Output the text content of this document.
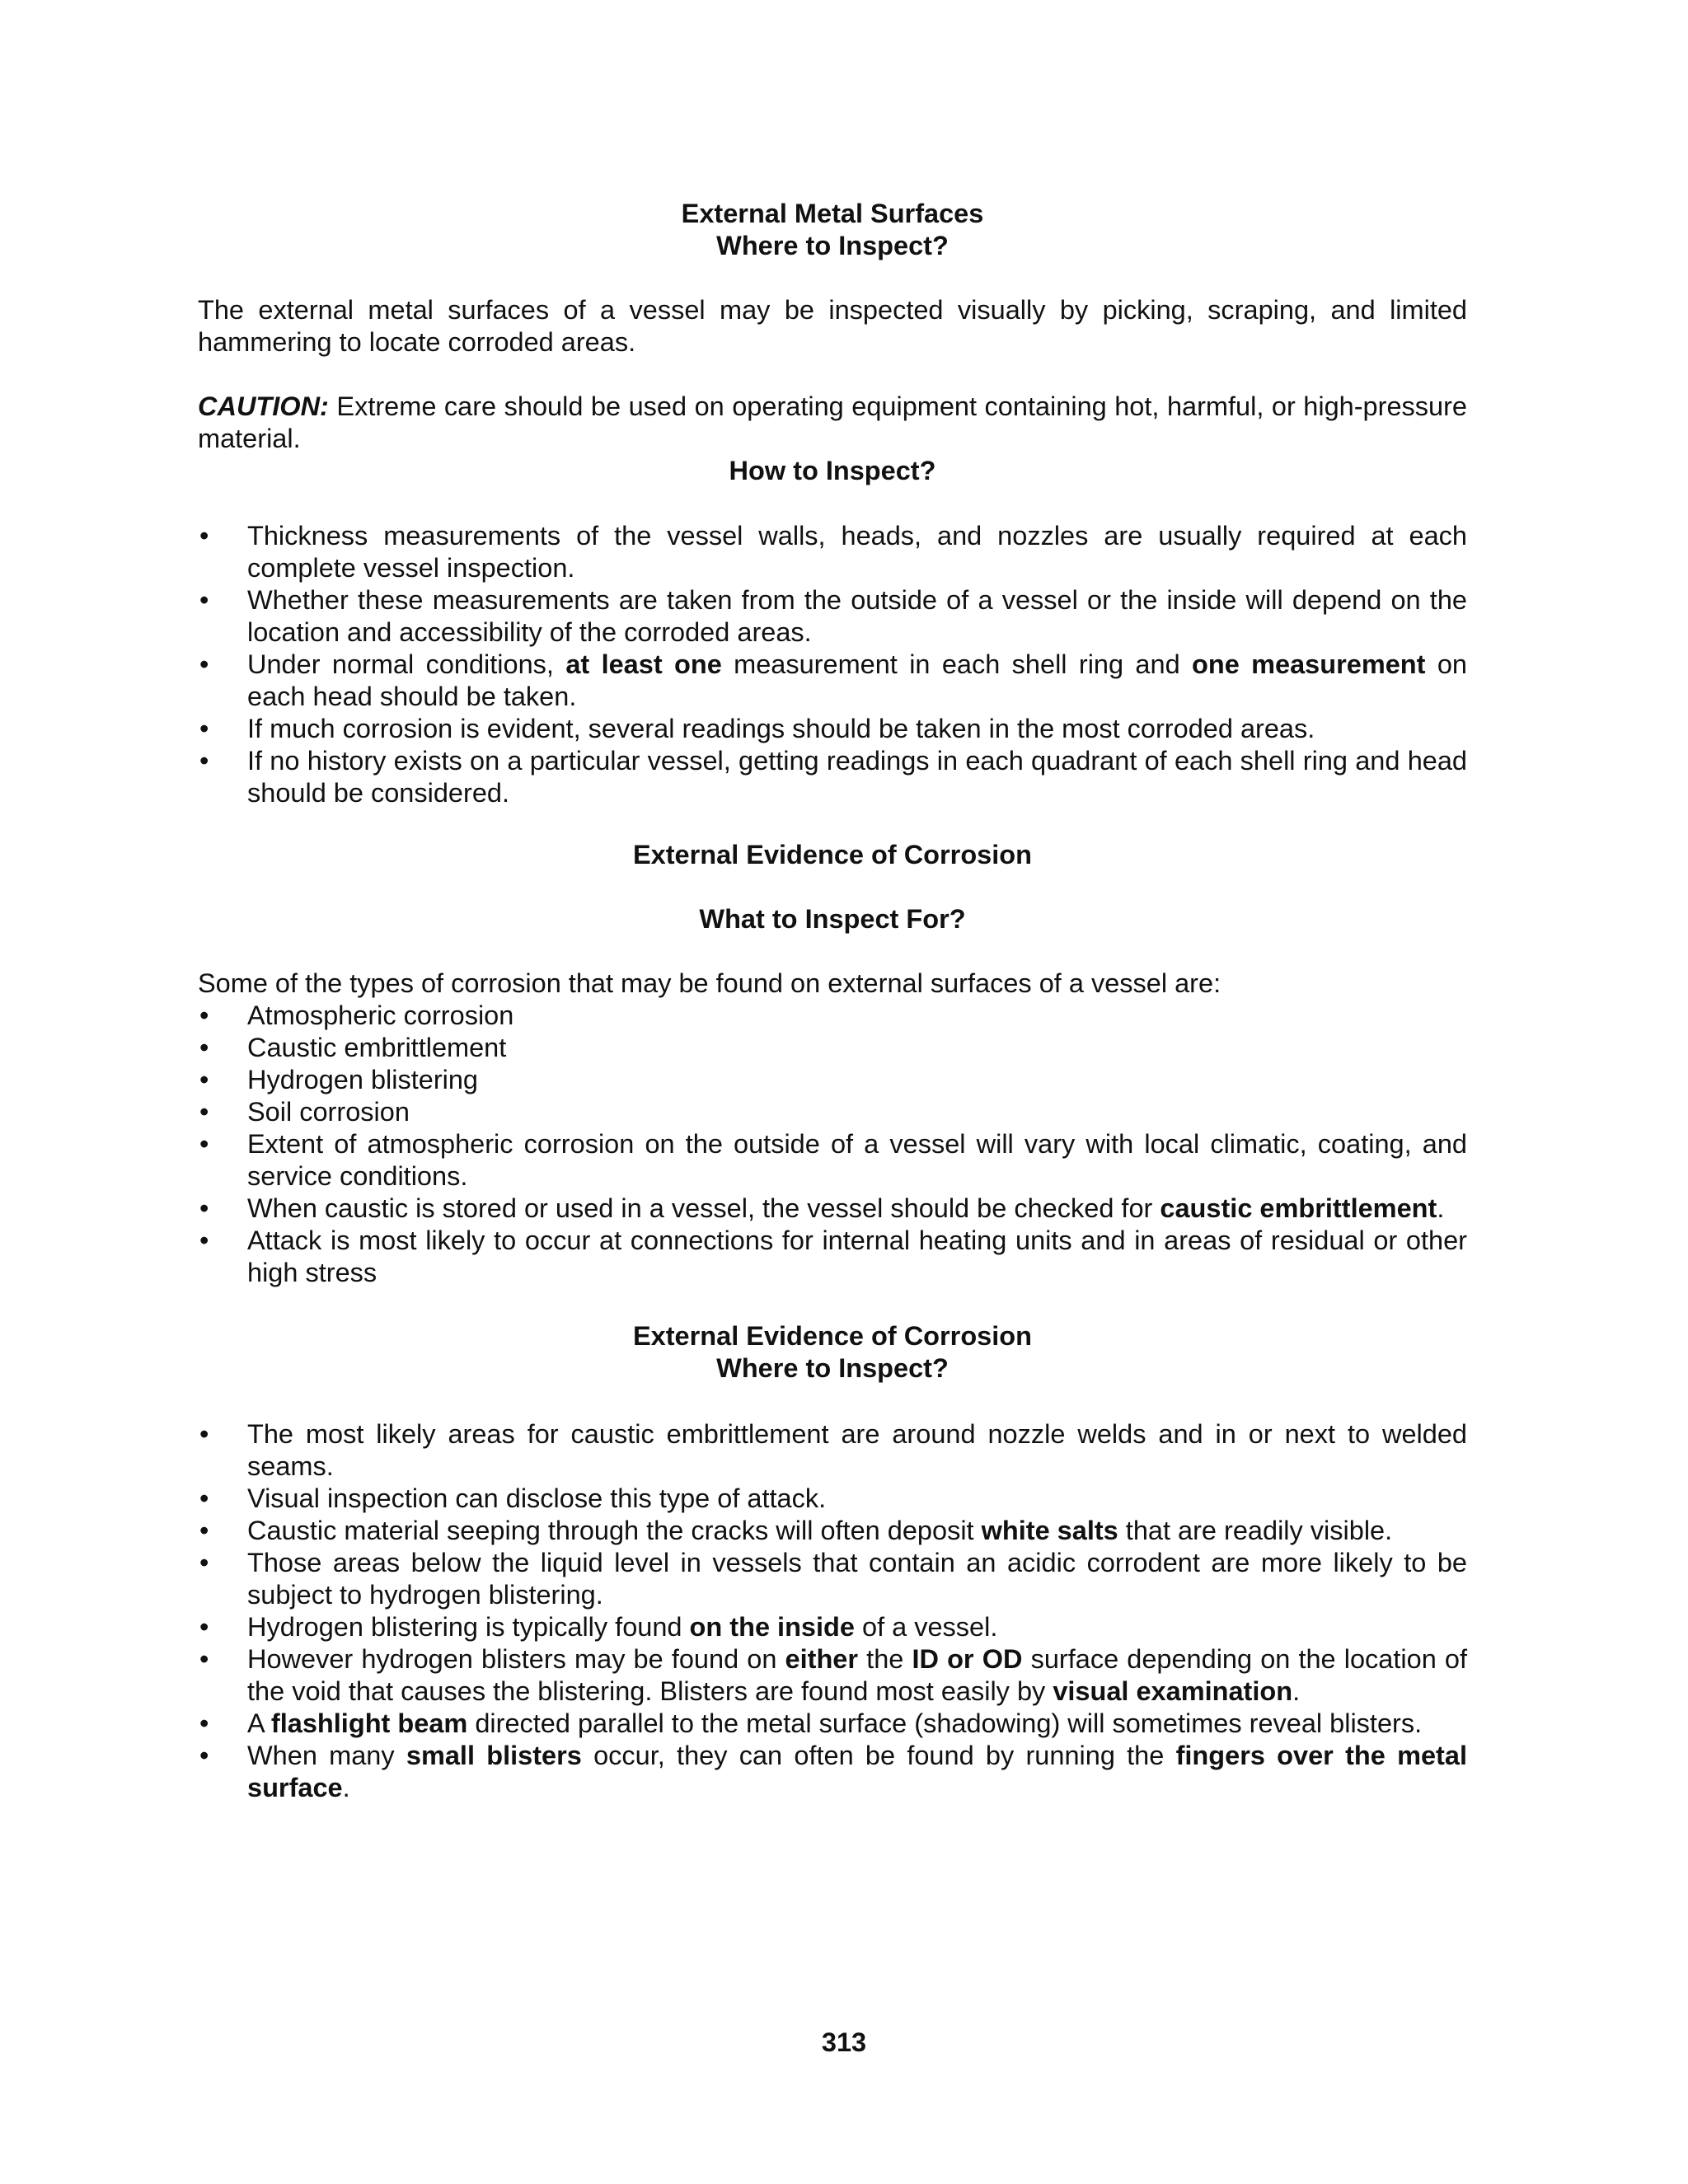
External Metal Surfaces
Where to Inspect?

The external metal surfaces of a vessel may be inspected visually by picking, scraping, and limited hammering to locate corroded areas.

CAUTION: Extreme care should be used on operating equipment containing hot, harmful, or high-pressure material.

How to Inspect?
• Thickness measurements of the vessel walls, heads, and nozzles are usually required at each complete vessel inspection.
• Whether these measurements are taken from the outside of a vessel or the inside will depend on the location and accessibility of the corroded areas.
• Under normal conditions, at least one measurement in each shell ring and one measurement on each head should be taken.
• If much corrosion is evident, several readings should be taken in the most corroded areas.
• If no history exists on a particular vessel, getting readings in each quadrant of each shell ring and head should be considered.
External Evidence of Corrosion
What to Inspect For?

Some of the types of corrosion that may be found on external surfaces of a vessel are:

• Atmospheric corrosion
• Caustic embrittlement
• Hydrogen blistering
• Soil corrosion
• Extent of atmospheric corrosion on the outside of a vessel will vary with local climatic, coating, and service conditions.
• When caustic is stored or used in a vessel, the vessel should be checked for caustic embrittlement.
• Attack is most likely to occur at connections for internal heating units and in areas of residual or other high stress
External Evidence of Corrosion
Where to Inspect?
• The most likely areas for caustic embrittlement are around nozzle welds and in or next to welded seams.
• Visual inspection can disclose this type of attack.
• Caustic material seeping through the cracks will often deposit white salts that are readily visible.
• Those areas below the liquid level in vessels that contain an acidic corrodent are more likely to be subject to hydrogen blistering.
• Hydrogen blistering is typically found on the inside of a vessel.
• However hydrogen blisters may be found on either the ID or OD surface depending on the location of the void that causes the blistering. Blisters are found most easily by visual examination.
• A flashlight beam directed parallel to the metal surface (shadowing) will sometimes reveal blisters.
• When many small blisters occur, they can often be found by running the fingers over the metal surface.
313
